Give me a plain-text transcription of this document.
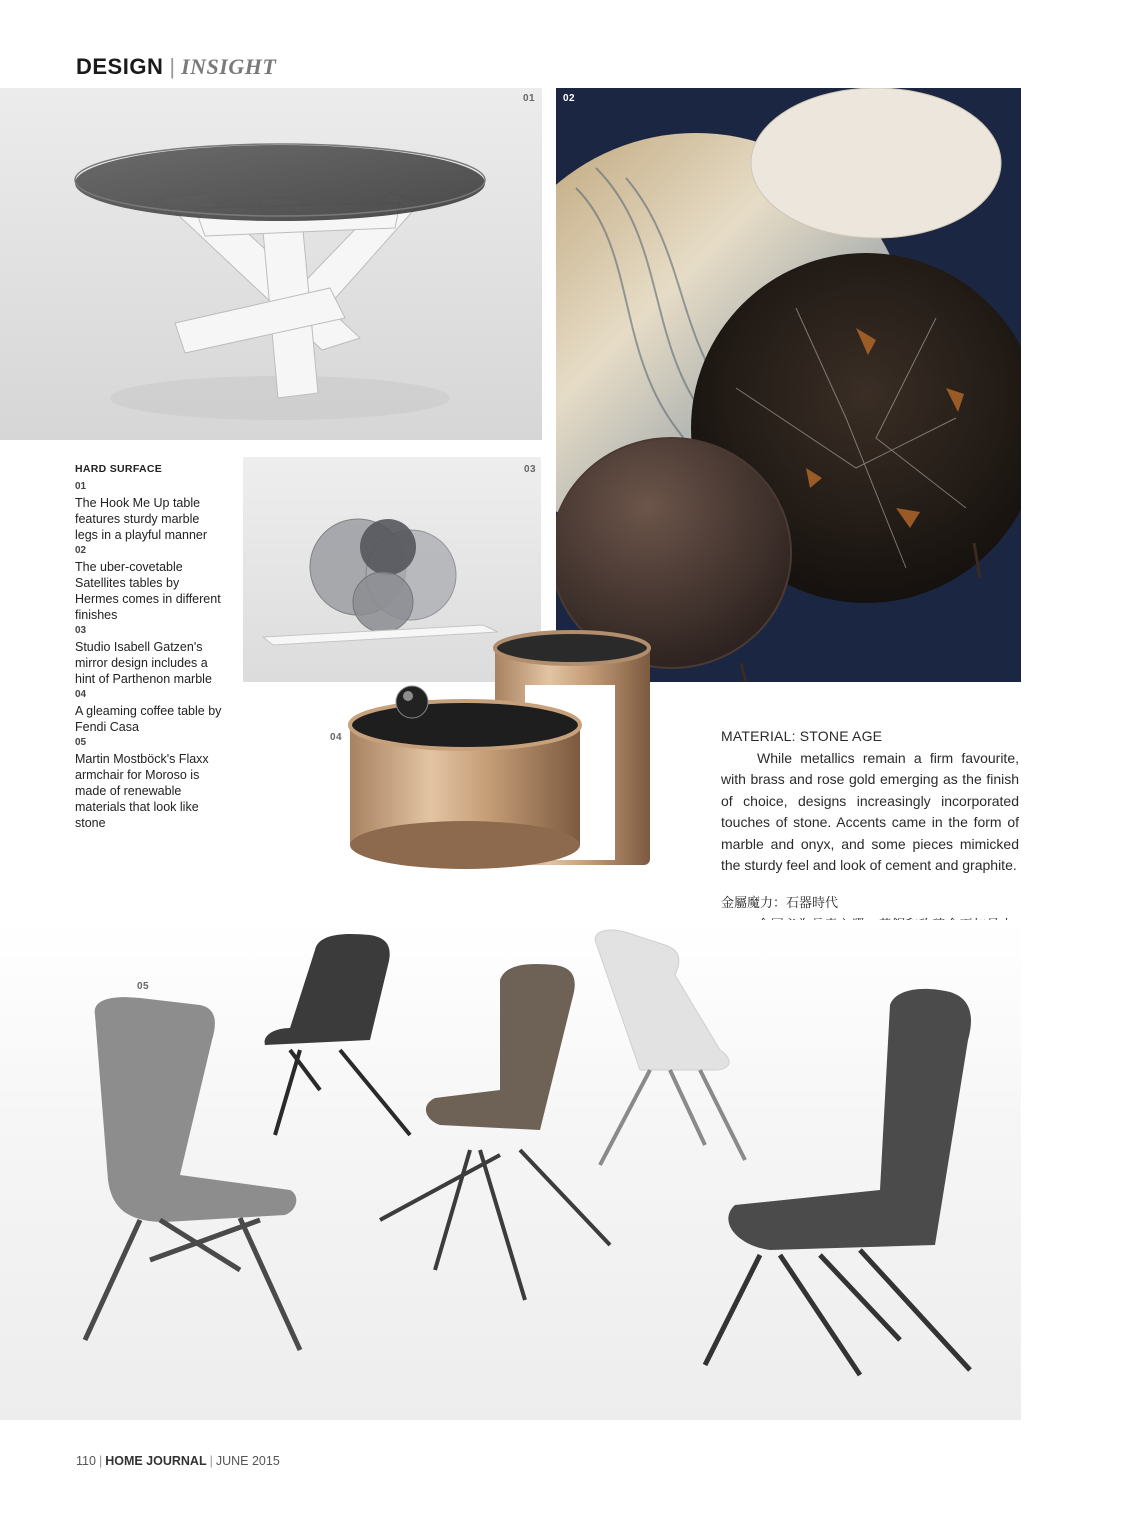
DESIGN | INSIGHT
01	02
HARD SURFACE
01
The Hook Me Up table features sturdy marble legs in a playful manner
02
The uber-covetable Satellites tables by Hermes comes in different finishes
03
Studio Isabell Gatzen's mirror design includes a hint of Parthenon marble
04
A gleaming coffee table by Fendi Casa
05
Martin Mostböck's Flaxx armchair for Moroso is made of renewable materials that look like stone
03
04	MATERIAL: STONE AGE
While metallics remain a firm favourite, with brass and rose gold emerging as the finish of choice, designs increasingly incorporated touches of stone. Accents came in the form of marble and onyx, and some pieces mimicked the sturdy feel and look of cement and graphite.
金屬魔力：石器時代
05
110 | HOME JOURNAL | JUNE 2015
